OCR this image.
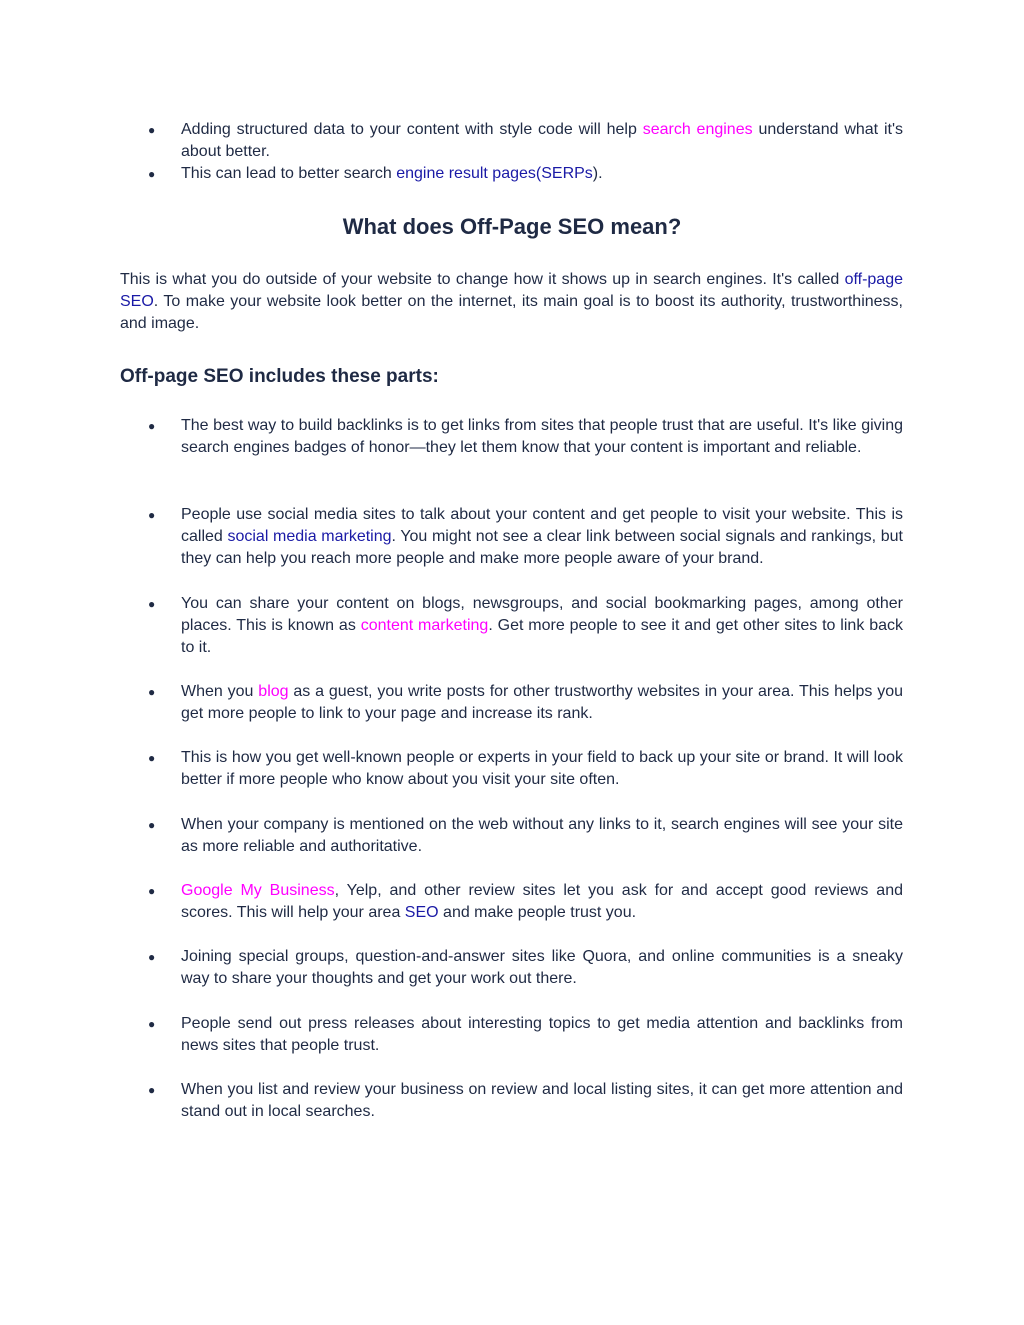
●	Adding structured data to your content with style code will help search engines understand what it's about better.
●	This can lead to better search engine result pages(SERPs).
What does Off-Page SEO mean?

This is what you do outside of your website to change how it shows up in search engines. It's called off-page SEO. To make your website look better on the internet, its main goal is to boost its authority, trustworthiness, and image.

Off-page SEO includes these parts:
●	The best way to build backlinks is to get links from sites that people trust that are useful. It's like giving search engines badges of honor—they let them know that your content is important and reliable.
●	People use social media sites to talk about your content and get people to visit your website. This is called social media marketing. You might not see a clear link between social signals and rankings, but they can help you reach more people and make more people aware of your brand.
●	You can share your content on blogs, newsgroups, and social bookmarking pages, among other places. This is known as content marketing. Get more people to see it and get other sites to link back to it.
●	When you blog as a guest, you write posts for other trustworthy websites in your area. This helps you get more people to link to your page and increase its rank.
●	This is how you get well-known people or experts in your field to back up your site or brand. It will look better if more people who know about you visit your site often.
●	When your company is mentioned on the web without any links to it, search engines will see your site as more reliable and authoritative.
●	Google My Business, Yelp, and other review sites let you ask for and accept good reviews and scores. This will help your area SEO and make people trust you.
●	Joining special groups, question-and-answer sites like Quora, and online communities is a sneaky way to share your thoughts and get your work out there.
●	People send out press releases about interesting topics to get media attention and backlinks from news sites that people trust.
●	When you list and review your business on review and local listing sites, it can get more attention and stand out in local searches.
